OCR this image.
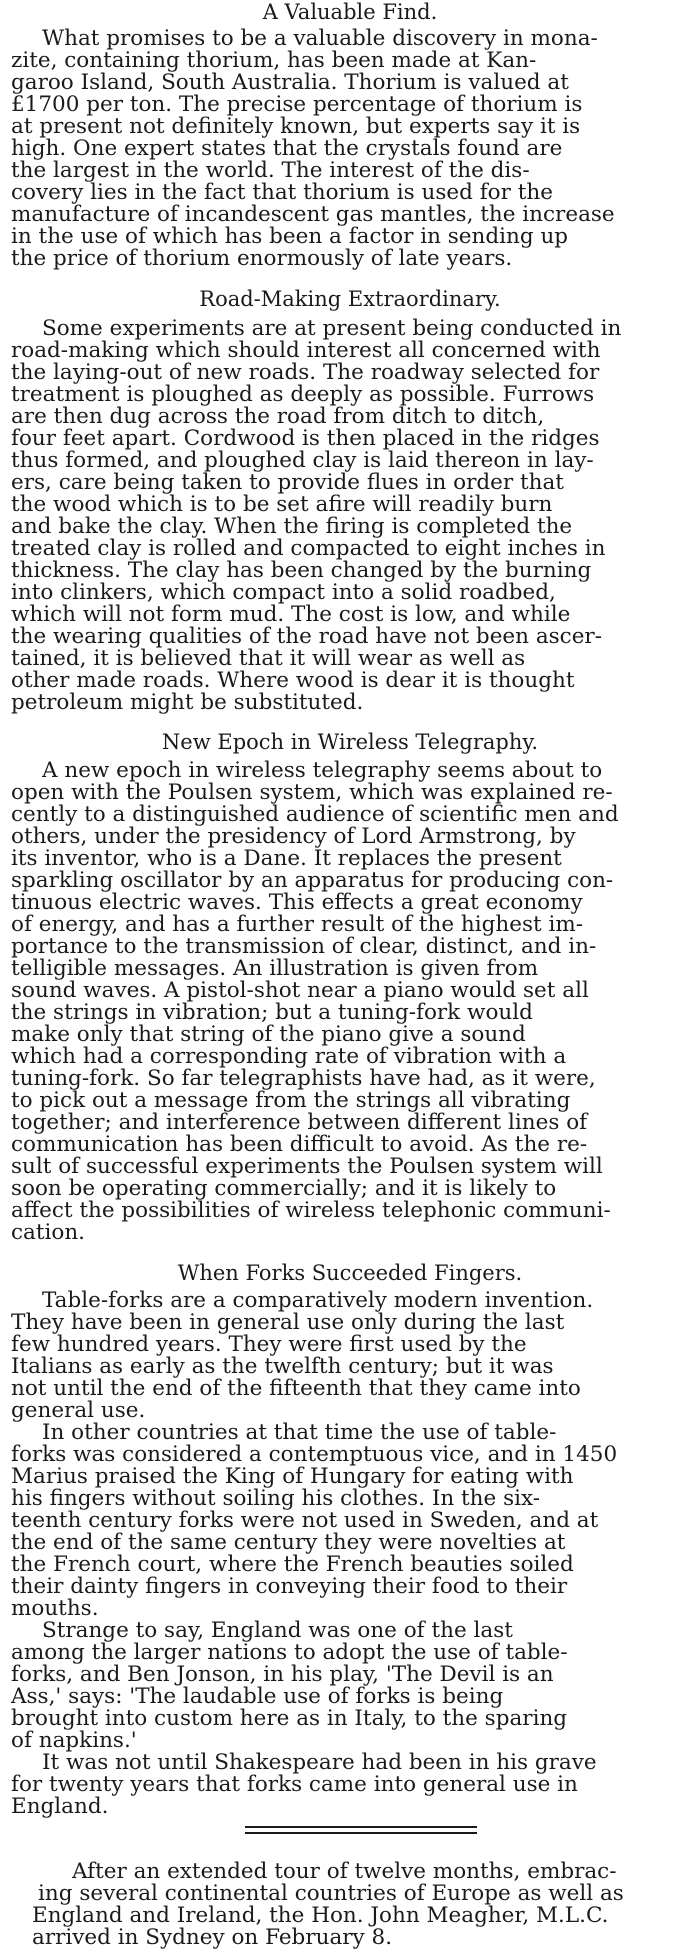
A Valuable Find.
What promises to be a valuable discovery in mona-
zite, containing thorium, has been made at Kan-
garoo Island, South Australia. Thorium is valued at
£1700 per ton. The precise percentage of thorium is
at present not definitely known, but experts say it is
high. One expert states that the crystals found are
the largest in the world. The interest of the dis-
covery lies in the fact that thorium is used for the
manufacture of incandescent gas mantles, the increase
in the use of which has been a factor in sending up
the price of thorium enormously of late years.
Road-Making Extraordinary.
Some experiments are at present being conducted in
road-making which should interest all concerned with
the laying-out of new roads. The roadway selected for
treatment is ploughed as deeply as possible. Furrows
are then dug across the road from ditch to ditch,
four feet apart. Cordwood is then placed in the ridges
thus formed, and ploughed clay is laid thereon in lay-
ers, care being taken to provide flues in order that
the wood which is to be set afire will readily burn
and bake the clay. When the firing is completed the
treated clay is rolled and compacted to eight inches in
thickness. The clay has been changed by the burning
into clinkers, which compact into a solid roadbed,
which will not form mud. The cost is low, and while
the wearing qualities of the road have not been ascer-
tained, it is believed that it will wear as well as
other made roads. Where wood is dear it is thought
petroleum might be substituted.
New Epoch in Wireless Telegraphy.
A new epoch in wireless telegraphy seems about to
open with the Poulsen system, which was explained re-
cently to a distinguished audience of scientific men and
others, under the presidency of Lord Armstrong, by
its inventor, who is a Dane. It replaces the present
sparkling oscillator by an apparatus for producing con-
tinuous electric waves. This effects a great economy
of energy, and has a further result of the highest im-
portance to the transmission of clear, distinct, and in-
telligible messages. An illustration is given from
sound waves. A pistol-shot near a piano would set all
the strings in vibration; but a tuning-fork would
make only that string of the piano give a sound
which had a corresponding rate of vibration with a
tuning-fork. So far telegraphists have had, as it were,
to pick out a message from the strings all vibrating
together; and interference between different lines of
communication has been difficult to avoid. As the re-
sult of successful experiments the Poulsen system will
soon be operating commercially; and it is likely to
affect the possibilities of wireless telephonic communi-
cation.
When Forks Succeeded Fingers.
Table-forks are a comparatively modern invention.
They have been in general use only during the last
few hundred years. They were first used by the
Italians as early as the twelfth century; but it was
not until the end of the fifteenth that they came into
general use.
In other countries at that time the use of table-
forks was considered a contemptuous vice, and in 1450
Marius praised the King of Hungary for eating with
his fingers without soiling his clothes. In the six-
teenth century forks were not used in Sweden, and at
the end of the same century they were novelties at
the French court, where the French beauties soiled
their dainty fingers in conveying their food to their
mouths.
Strange to say, England was one of the last
among the larger nations to adopt the use of table-
forks, and Ben Jonson, in his play, 'The Devil is an
Ass,' says: 'The laudable use of forks is being
brought into custom here as in Italy, to the sparing
of napkins.'
It was not until Shakespeare had been in his grave
for twenty years that forks came into general use in
England.
After an extended tour of twelve months, embrac-
ing several continental countries of Europe as well as
England and Ireland, the Hon. John Meagher, M.L.C.
arrived in Sydney on February 8.
